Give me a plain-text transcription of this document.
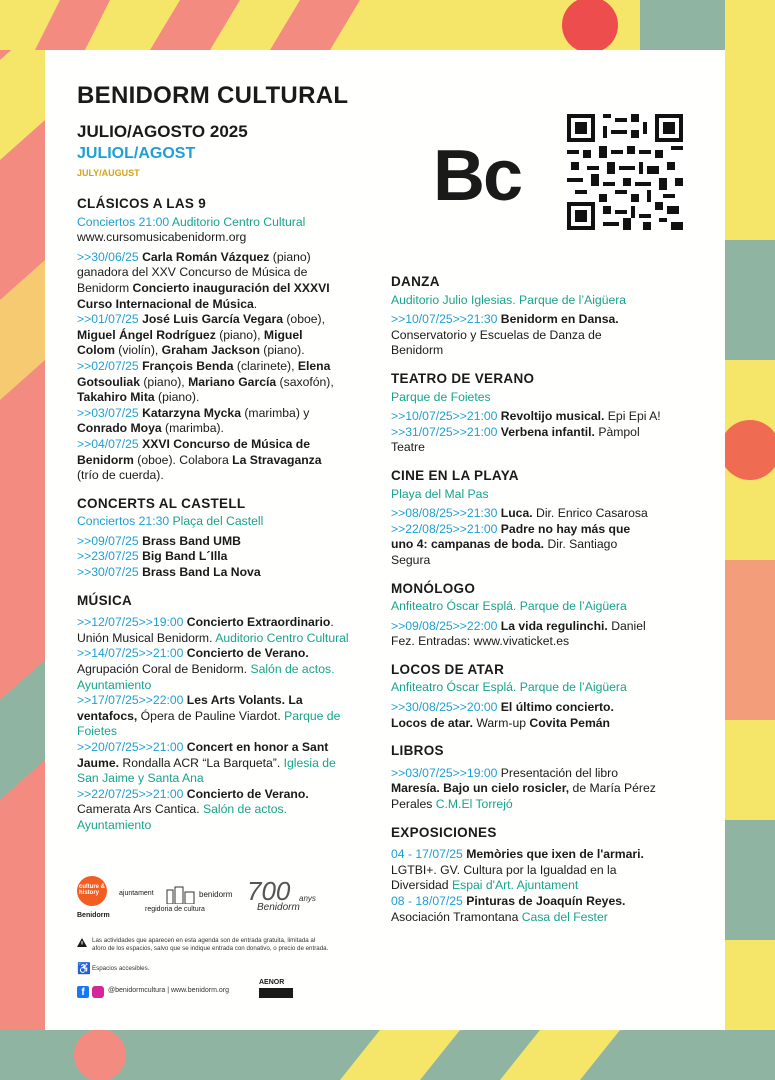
BENIDORM CULTURAL
JULIO/AGOSTO 2025
JULIOL/AGOST
JULY/AUGUST	Bc
CLÁSICOS A LAS 9
Conciertos 21:00 Auditorio Centro Cultural
www.cursomusicabenidorm.org
>>30/06/25 Carla Román Vázquez (piano)
ganadora del XXV Concurso de Música de
Benidorm Concierto inauguración del XXXVI
Curso Internacional de Música.
>>01/07/25 José Luis García Vegara (oboe),
Miguel Ángel Rodríguez (piano), Miguel
Colom (violín), Graham Jackson (piano).
>>02/07/25 François Benda (clarinete), Elena
Gotsouliak (piano), Mariano García (saxofón),
Takahiro Mita (piano).
>>03/07/25 Katarzyna Mycka (marimba) y
Conrado Moya (marimba).
>>04/07/25 XXVI Concurso de Música de
Benidorm (oboe). Colabora La Stravaganza
(trío de cuerda).
CONCERTS AL CASTELL
Conciertos 21:30 Plaça del Castell
>>09/07/25 Brass Band UMB
>>23/07/25 Big Band L´Illa
>>30/07/25 Brass Band La Nova
MÚSICA
>>12/07/25>>19:00 Concierto Extraordinario.
Unión Musical Benidorm. Auditorio Centro Cultural
>>14/07/25>>21:00 Concierto de Verano.
Agrupación Coral de Benidorm. Salón de actos.
Ayuntamiento
>>17/07/25>>22:00 Les Arts Volants. La
ventafocs, Ópera de Pauline Viardot. Parque de
Foietes
>>20/07/25>>21:00 Concert en honor a Sant
Jaume. Rondalla ACR “La Barqueta”. Iglesia de
San Jaime y Santa Ana
>>22/07/25>>21:00 Concierto de Verano.
Camerata Ars Cantica. Salón de actos.
Ayuntamiento
DANZA
Auditorio Julio Iglesias. Parque de l’Aigüera
>>10/07/25>>21:30 Benidorm en Dansa.
Conservatorio y Escuelas de Danza de
Benidorm
TEATRO DE VERANO
Parque de Foietes
>>10/07/25>>21:00 Revoltijo musical. Epi Epi A!
>>31/07/25>>21:00 Verbena infantil. Pàmpol
Teatre
CINE EN LA PLAYA
Playa del Mal Pas
>>08/08/25>>21:30 Luca. Dir. Enrico Casarosa
>>22/08/25>>21:00 Padre no hay más que
uno 4: campanas de boda. Dir. Santiago
Segura
MONÓLOGO
Anfiteatro Óscar Esplá. Parque de l’Aigüera
>>09/08/25>>22:00 La vida regulinchi. Daniel
Fez. Entradas: www.vivaticket.es
LOCOS DE ATAR
Anfiteatro Óscar Esplá. Parque de l’Aigüera
>>30/08/25>>20:00 El último concierto.
Locos de atar. Warm-up Covita Pemán
LIBROS
>>03/07/25>>19:00 Presentación del libro
Maresía. Bajo un cielo rosicler, de María Pérez
Perales C.M.El Torrejó
EXPOSICIONES
04 - 17/07/25 Memòries que ixen de l'armari.
LGTBI+. GV. Cultura por la Igualdad en la
Diversidad Espai d'Art. Ajuntament
08 - 18/07/25 Pinturas de Joaquín Reyes.
Asociación Tramontana Casa del Fester
culture & history
Benidorm
ajuntament	benidorm
regidoria de cultura
700 anys
Benidorm
Las actividades que aparecen en esta agenda son de entrada gratuita, limitada al
aforo de los espacios, salvo que se indique entrada con donativo, o precio de entrada.
♿ Espacios accesibles.
f	@benidormcultura | www.benidorm.org
AENOR
